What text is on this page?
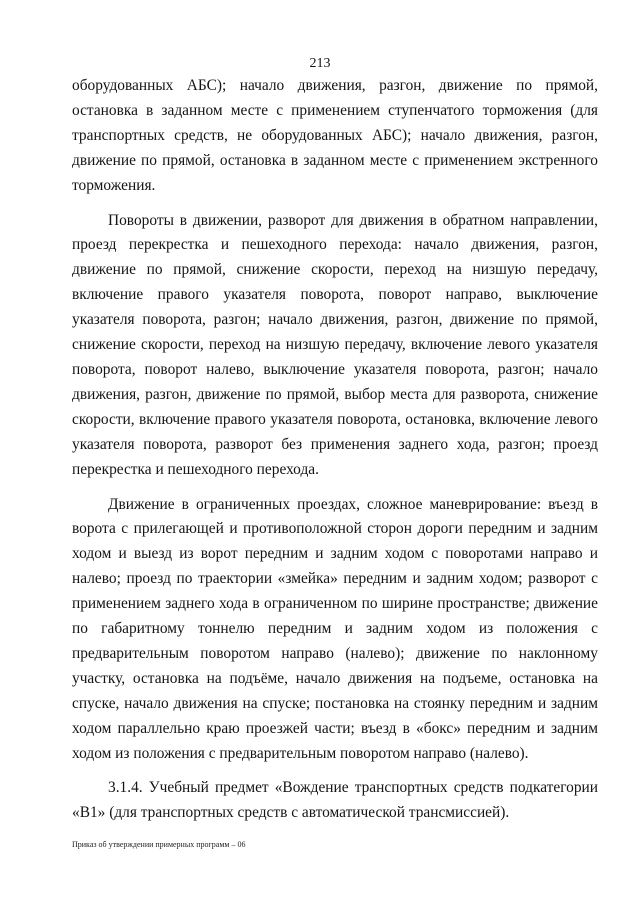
213

оборудованных АБС); начало движения, разгон, движение по прямой, остановка в заданном месте с применением ступенчатого торможения (для транспортных средств, не оборудованных АБС); начало движения, разгон, движение по прямой, остановка в заданном месте с применением экстренного торможения.

Повороты в движении, разворот для движения в обратном направлении, проезд перекрестка и пешеходного перехода: начало движения, разгон, движение по прямой, снижение скорости, переход на низшую передачу, включение правого указателя поворота, поворот направо, выключение указателя поворота, разгон; начало движения, разгон, движение по прямой, снижение скорости, переход на низшую передачу, включение левого указателя поворота, поворот налево, выключение указателя поворота, разгон; начало движения, разгон, движение по прямой, выбор места для разворота, снижение скорости, включение правого указателя поворота, остановка, включение левого указателя поворота, разворот без применения заднего хода, разгон; проезд перекрестка и пешеходного перехода.

Движение в ограниченных проездах, сложное маневрирование: въезд в ворота с прилегающей и противоположной сторон дороги передним и задним ходом и выезд из ворот передним и задним ходом с поворотами направо и налево; проезд по траектории «змейка» передним и задним ходом; разворот с применением заднего хода в ограниченном по ширине пространстве; движение по габаритному тоннелю передним и задним ходом из положения с предварительным поворотом направо (налево); движение по наклонному участку, остановка на подъёме, начало движения на подъеме, остановка на спуске, начало движения на спуске; постановка на стоянку передним и задним ходом параллельно краю проезжей части; въезд в «бокс» передним и задним ходом из положения с предварительным поворотом направо (налево).

3.1.4. Учебный предмет «Вождение транспортных средств подкатегории «В1» (для транспортных средств с автоматической трансмиссией).

Приказ об утверждении примерных программ – 06
